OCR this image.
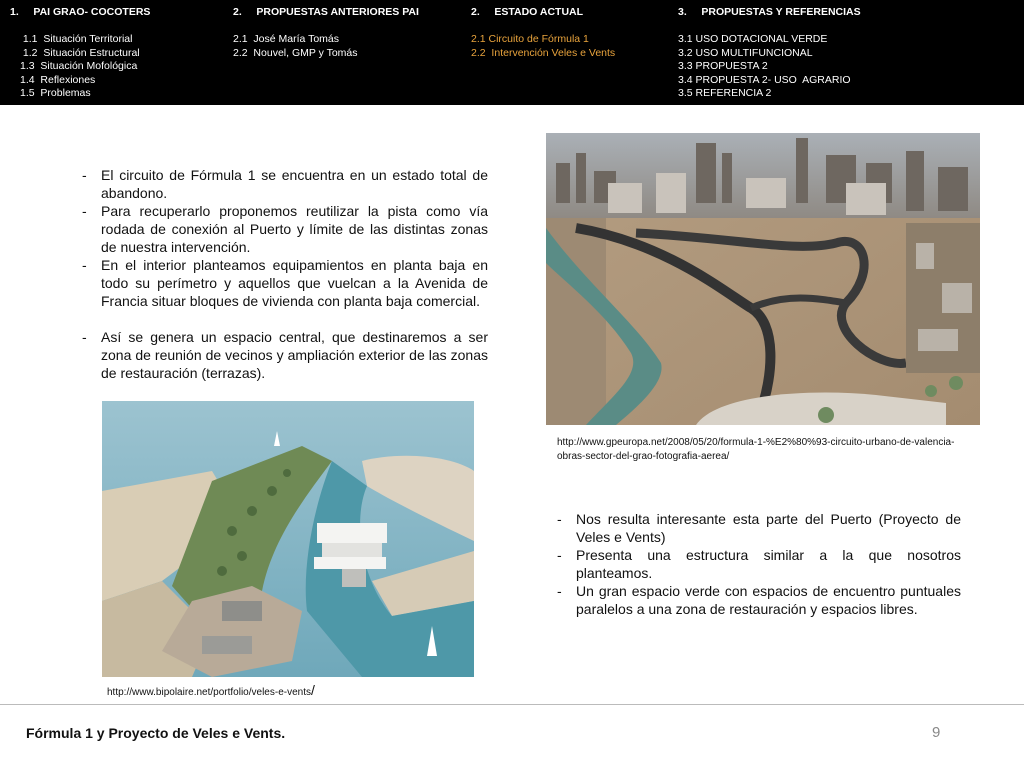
1. PAI GRAO- COCOTERS
1.1  Situación Territorial
1.2  Situación Estructural
1.3  Situación Mofológica
1.4  Reflexiones
1.5  Problemas
2. PROPUESTAS ANTERIORES PAI
2.1  José María Tomás
2.2  Nouvel, GMP y Tomás
2. ESTADO ACTUAL
2.1 Circuito de Fórmula 1
2.2  Intervención Veles e Vents
3. PROPUESTAS Y REFERENCIAS
3.1 USO DOTACIONAL VERDE
3.2 USO MULTIFUNCIONAL
3.3 PROPUESTA 2
3.4 PROPUESTA 2- USO  AGRARIO
3.5 REFERENCIA 2
-	El circuito de Fórmula 1 se encuentra en un estado total de abandono.
-	Para recuperarlo proponemos reutilizar la pista como vía rodada de conexión al Puerto y límite de las distintas zonas de nuestra intervención.
-	En el interior planteamos equipamientos en planta baja en todo su perímetro y aquellos que vuelcan a la Avenida de Francia situar bloques de vivienda con planta baja comercial.
-	Así se genera un espacio central, que destinaremos a ser zona de reunión de vecinos y ampliación exterior de las zonas de restauración (terrazas).
http://www.gpeuropa.net/2008/05/20/formula-1-%E2%80%93-circuito-urbano-de-valencia-obras-sector-del-grao-fotografia-aerea/
-	Nos resulta interesante esta parte del Puerto (Proyecto de Veles e Vents)
-	Presenta una estructura similar a la que nosotros planteamos.
-	Un gran espacio verde con espacios de encuentro puntuales paralelos a una zona de restauración y espacios libres.
http://www.bipolaire.net/portfolio/veles-e-vents/
Fórmula 1 y Proyecto de Veles e Vents.	9
